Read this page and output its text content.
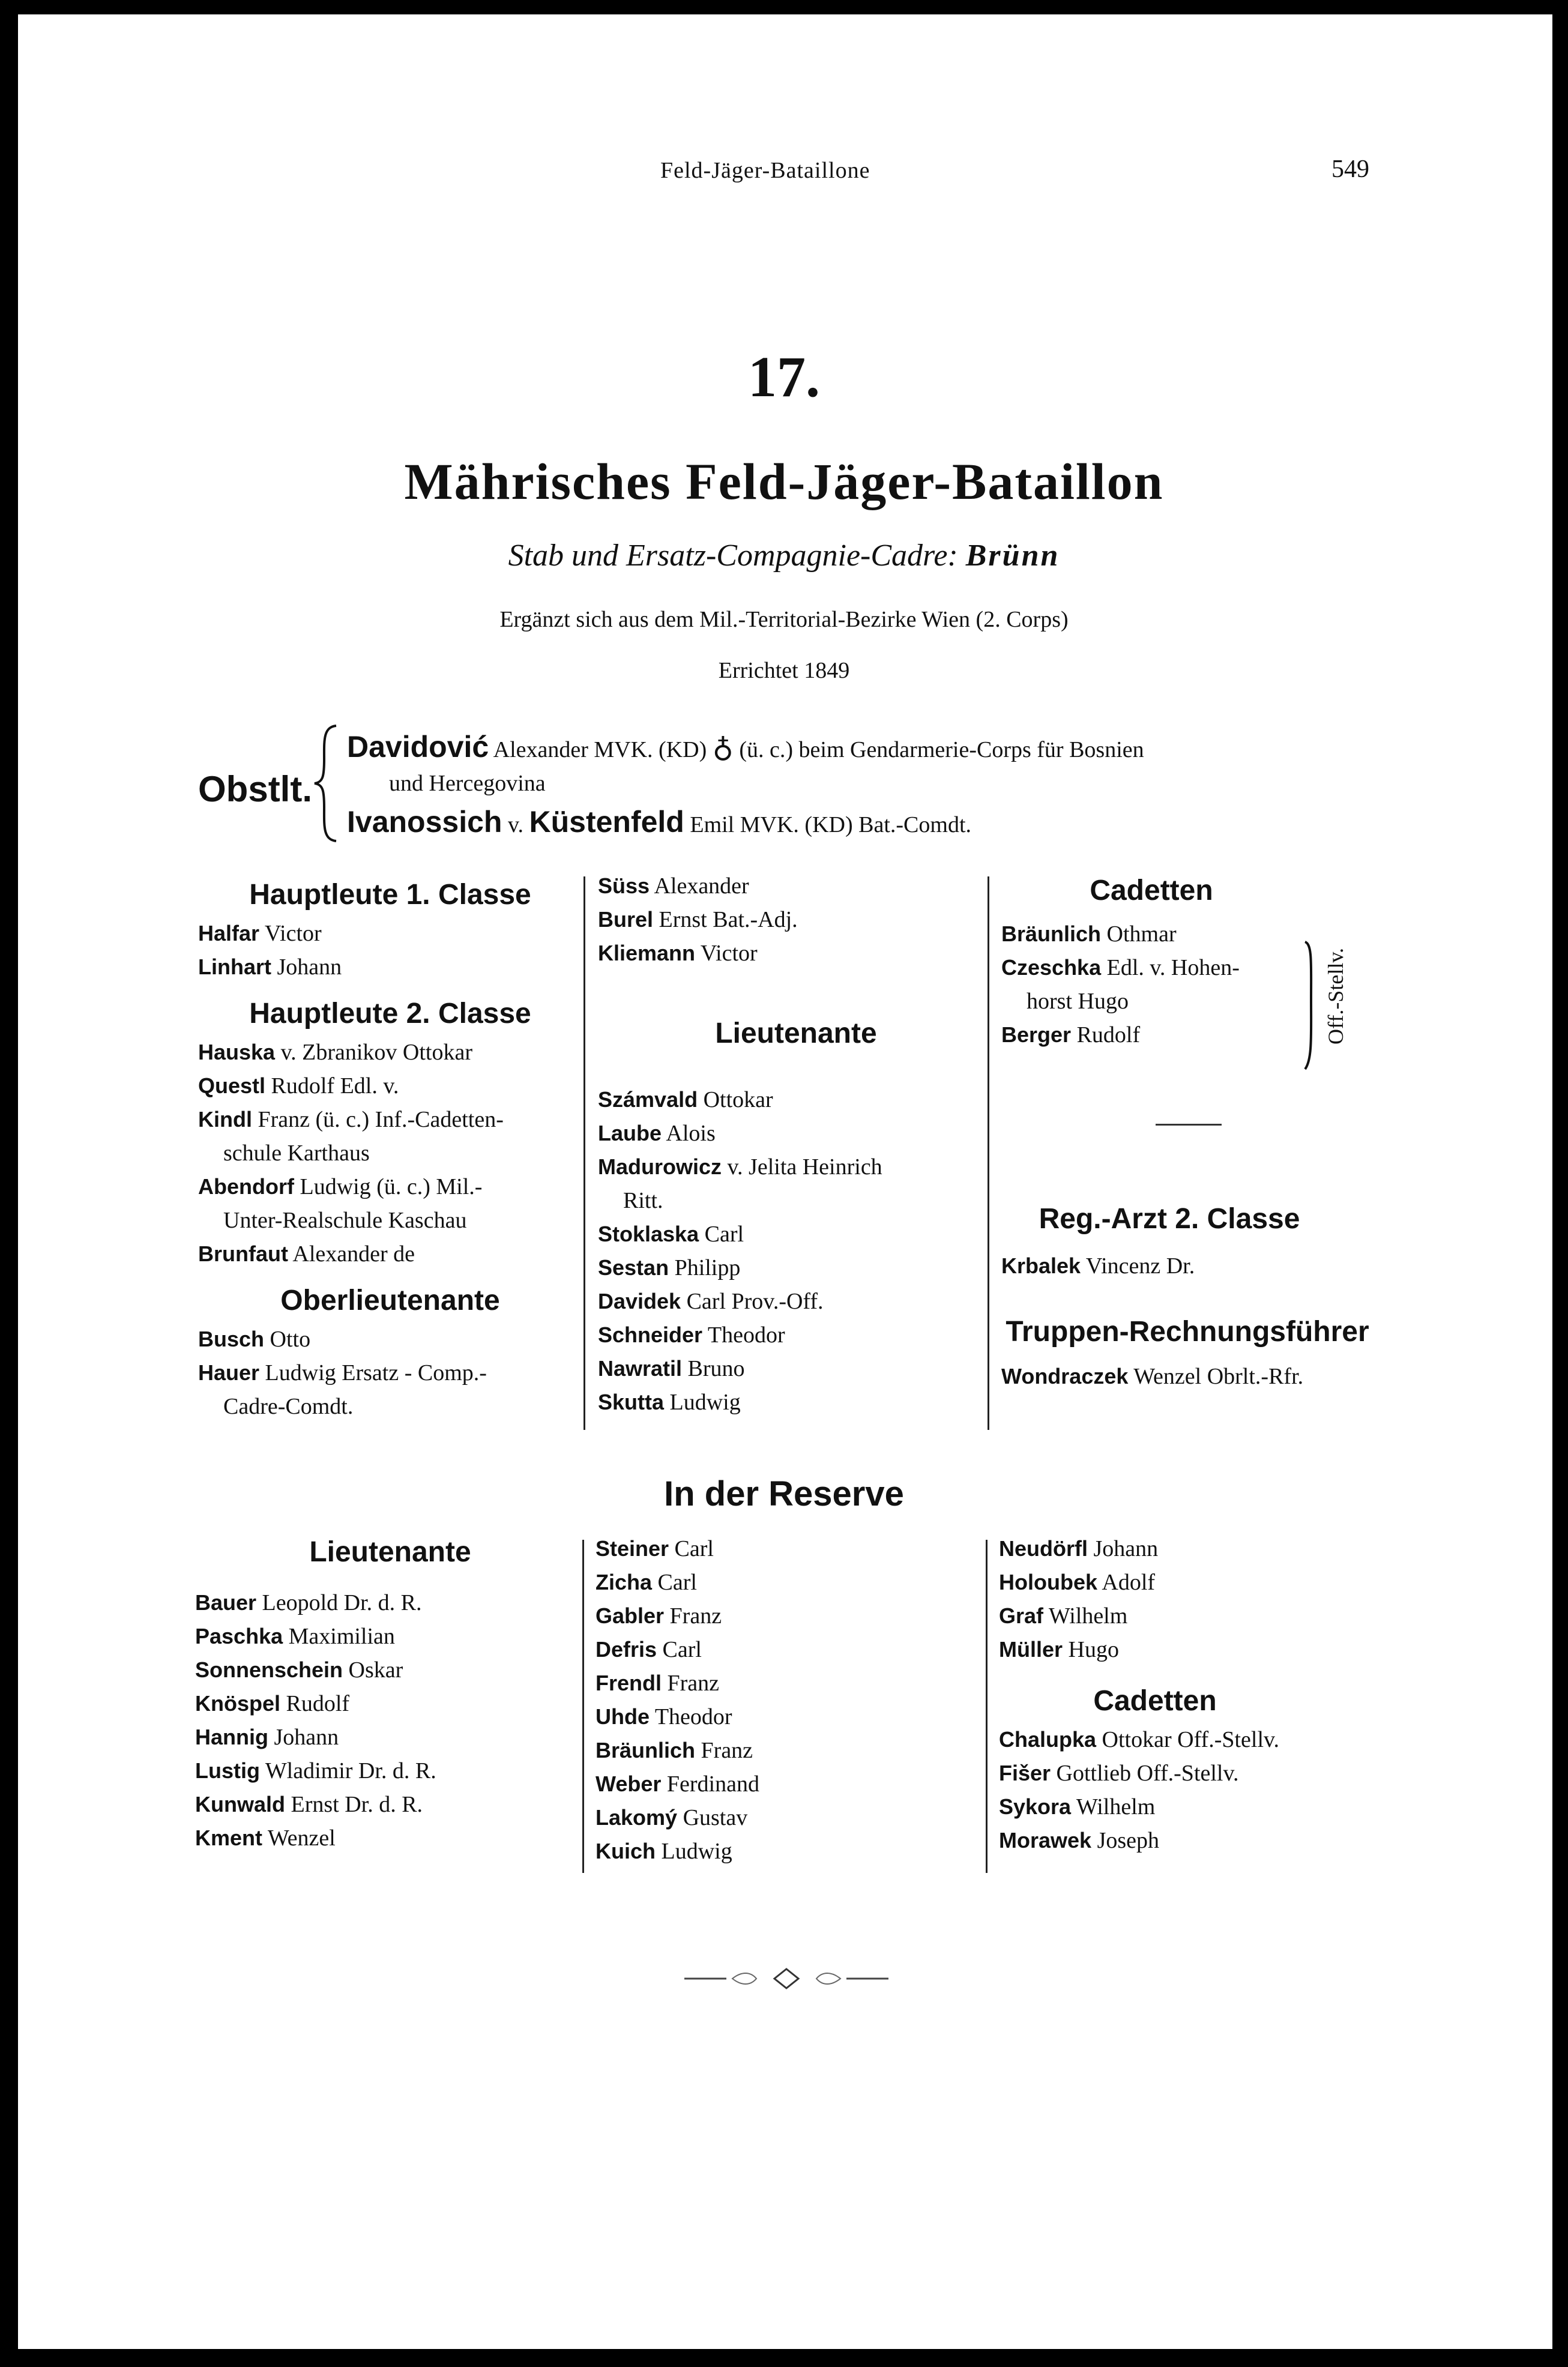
Feld-Jäger-Bataillone	549
17.
Mährisches Feld-Jäger-Bataillon
Stab und Ersatz-Compagnie-Cadre: Brünn
Ergänzt sich aus dem Mil.-Territorial-Bezirke Wien (2. Corps)
Errichtet 1849
Obstlt.
Davidović Alexander MVK. (KD) ♁ (ü. c.) beim Gendarmerie-Corps für Bosnien
und Hercegovina
Ivanossich v. Küstenfeld Emil MVK. (KD) Bat.-Comdt.
Hauptleute 1. Classe
Halfar Victor
Linhart Johann
Hauptleute 2. Classe
Hauska v. Zbranikov Ottokar
Questl Rudolf Edl. v.
Kindl Franz (ü. c.) Inf.-Cadetten-
schule Karthaus
Abendorf Ludwig (ü. c.) Mil.-
Unter-Realschule Kaschau
Brunfaut Alexander de
Oberlieutenante
Busch Otto
Hauer Ludwig Ersatz - Comp.-
Cadre-Comdt.
Süss Alexander
Burel Ernst Bat.-Adj.
Kliemann Victor
Lieutenante
Számvald Ottokar
Laube Alois
Madurowicz v. Jelita Heinrich
Ritt.
Stoklaska Carl
Sestan Philipp
Davidek Carl Prov.-Off.
Schneider Theodor
Nawratil Bruno
Skutta Ludwig
Cadetten
Bräunlich Othmar
Czeschka Edl. v. Hohen-
horst Hugo
Berger Rudolf	Off.-Stellv.
Reg.-Arzt 2. Classe
Krbalek Vincenz Dr.
Truppen-Rechnungsführer
Wondraczek Wenzel Obrlt.-Rfr.
In der Reserve
Lieutenante
Bauer Leopold Dr. d. R.
Paschka Maximilian
Sonnenschein Oskar
Knöspel Rudolf
Hannig Johann
Lustig Wladimir Dr. d. R.
Kunwald Ernst Dr. d. R.
Kment Wenzel
Steiner Carl
Zicha Carl
Gabler Franz
Defris Carl
Frendl Franz
Uhde Theodor
Bräunlich Franz
Weber Ferdinand
Lakomý Gustav
Kuich Ludwig
Neudörfl Johann
Holoubek Adolf
Graf Wilhelm
Müller Hugo
Cadetten
Chalupka Ottokar Off.-Stellv.
Fišer Gottlieb Off.-Stellv.
Sykora Wilhelm
Morawek Joseph
